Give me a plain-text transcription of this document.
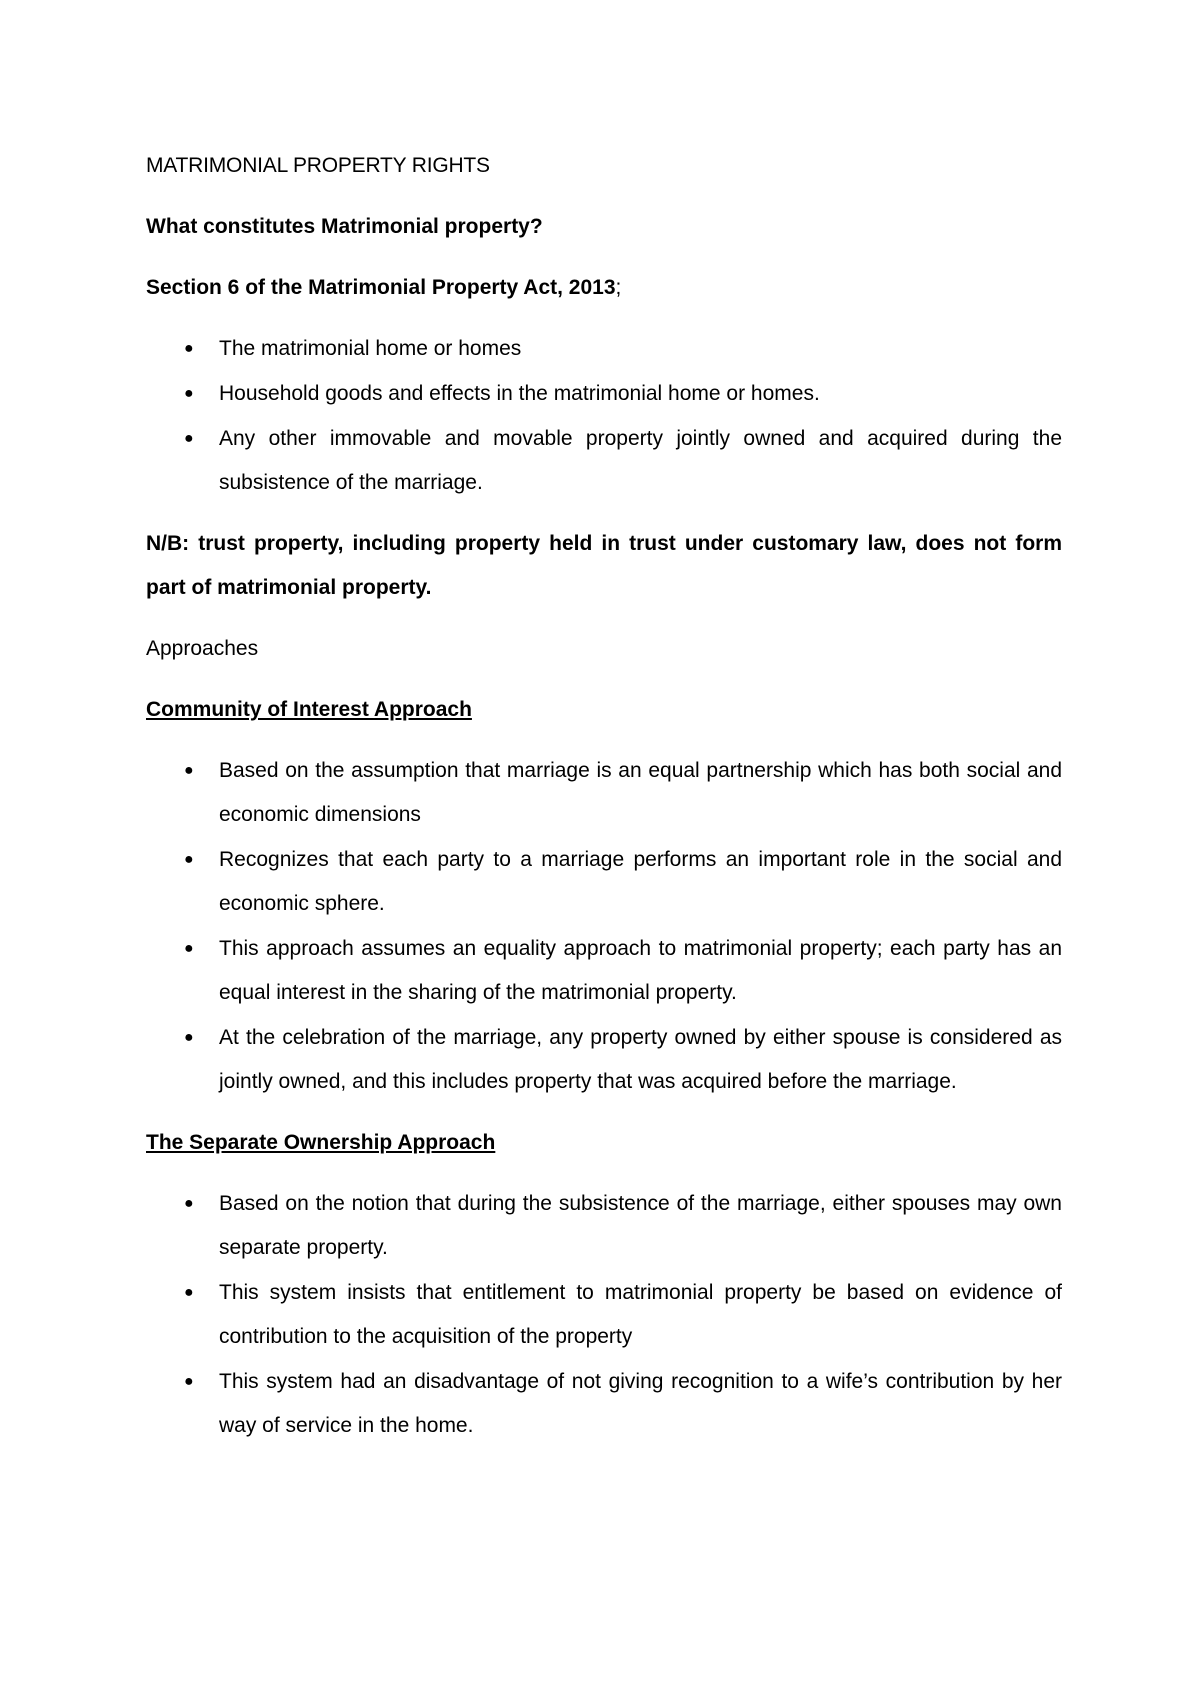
MATRIMONIAL PROPERTY RIGHTS
What constitutes Matrimonial property?
Section 6 of the Matrimonial Property Act, 2013;
● The matrimonial home or homes
● Household goods and effects in the matrimonial home or homes.
● Any other immovable and movable property jointly owned and acquired during the subsistence of the marriage.
N/B: trust property, including property held in trust under customary law, does not form part of matrimonial property.
Approaches
Community of Interest Approach
● Based on the assumption that marriage is an equal partnership which has both social and economic dimensions
● Recognizes that each party to a marriage performs an important role in the social and economic sphere.
● This approach assumes an equality approach to matrimonial property; each party has an equal interest in the sharing of the matrimonial property.
● At the celebration of the marriage, any property owned by either spouse is considered as jointly owned, and this includes property that was acquired before the marriage.
The Separate Ownership Approach
● Based on the notion that during the subsistence of the marriage, either spouses may own separate property.
● This system insists that entitlement to matrimonial property be based on evidence of contribution to the acquisition of the property
● This system had an disadvantage of not giving recognition to a wife’s contribution by her way of service in the home.
